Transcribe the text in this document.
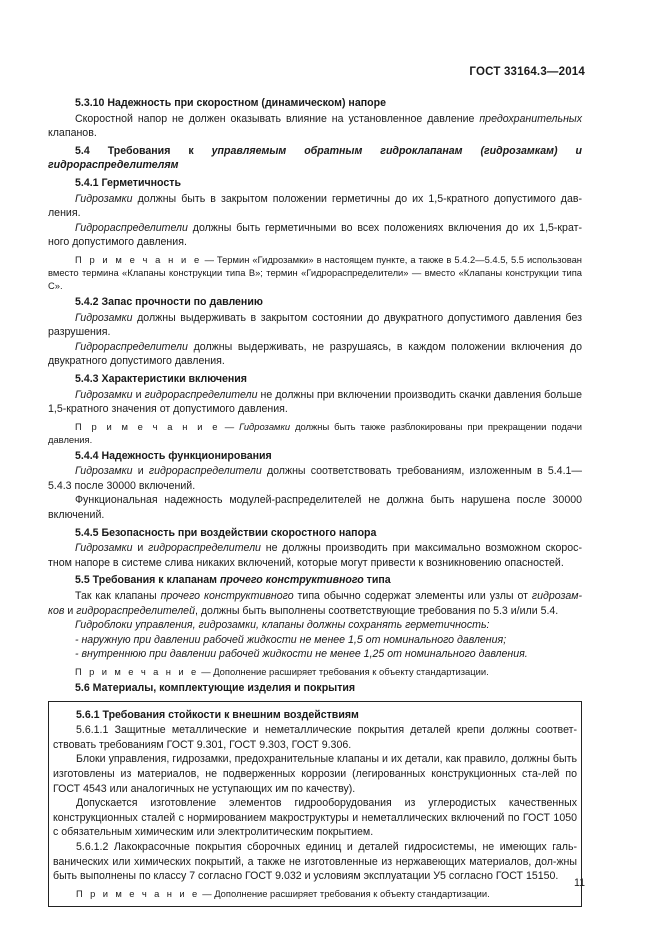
ГОСТ 33164.3—2014

5.3.10 Надежность при скоростном (динамическом) напоре

Скоростной напор не должен оказывать влияние на установленное давление предохранительных клапанов.

5.4 Требования к управляемым обратным гидроклапанам (гидрозамкам) и гидрораспределителям

5.4.1 Герметичность

Гидрозамки должны быть в закрытом положении герметичны до их 1,5-кратного допустимого дав-ления.

Гидрораспределители должны быть герметичными во всех положениях включения до их 1,5-крат-ного допустимого давления.

П р и м е ч а н и е — Термин «Гидрозамки» в настоящем пункте, а также в 5.4.2—5.4.5, 5.5 использован вместо термина «Клапаны конструкции типа В»; термин «Гидрораспределители» — вместо «Клапаны конструкции типа С».

5.4.2 Запас прочности по давлению

Гидрозамки должны выдерживать в закрытом состоянии до двукратного допустимого давления без разрушения.

Гидрораспределители должны выдерживать, не разрушаясь, в каждом положении включения до двукратного допустимого давления.

5.4.3 Характеристики включения

Гидрозамки и гидрораспределители не должны при включении производить скачки давления больше 1,5-кратного значения от допустимого давления.

П р и м е ч а н и е — Гидрозамки должны быть также разблокированы при прекращении подачи давления.

5.4.4 Надежность функционирования

Гидрозамки и гидрораспределители должны соответствовать требованиям, изложенным в 5.4.1—5.4.3 после 30000 включений.

Функциональная надежность модулей-распределителей не должна быть нарушена после 30000 включений.

5.4.5 Безопасность при воздействии скоростного напора

Гидрозамки и гидрораспределители не должны производить при максимально возможном скорос-тном напоре в системе слива никаких включений, которые могут привести к возникновению опасностей.

5.5 Требования к клапанам прочего конструктивного типа

Так как клапаны прочего конструктивного типа обычно содержат элементы или узлы от гидрозам-ков и гидрораспределителей, должны быть выполнены соответствующие требования по 5.3 и/или 5.4.

Гидроблоки управления, гидрозамки, клапаны должны сохранять герметичность:

- наружную при давлении рабочей жидкости не менее 1,5 от номинального давления;

- внутреннюю при давлении рабочей жидкости не менее 1,25 от номинального давления.

П р и м е ч а н и е — Дополнение расширяет требования к объекту стандартизации.

5.6 Материалы, комплектующие изделия и покрытия

5.6.1 Требования стойкости к внешним воздействиям

5.6.1.1 Защитные металлические и неметаллические покрытия деталей крепи должны соответ-ствовать требованиям ГОСТ 9.301, ГОСТ 9.303, ГОСТ 9.306.

Блоки управления, гидрозамки, предохранительные клапаны и их детали, как правило, должны быть изготовлены из материалов, не подверженных коррозии (легированных конструкционных ста-лей по ГОСТ 4543 или аналогичных не уступающих им по качеству).

Допускается изготовление элементов гидрооборудования из углеродистых качественных конструкционных сталей с нормированием макроструктуры и неметаллических включений по ГОСТ 1050 с обязательным химическим или электролитическим покрытием.

5.6.1.2 Лакокрасочные покрытия сборочных единиц и деталей гидросистемы, не имеющих галь-ванических или химических покрытий, а также не изготовленные из нержавеющих материалов, дол-жны быть выполнены по классу 7 согласно ГОСТ 9.032 и условиям эксплуатации У5 согласно ГОСТ 15150.

П р и м е ч а н и е — Дополнение расширяет требования к объекту стандартизации.

11
